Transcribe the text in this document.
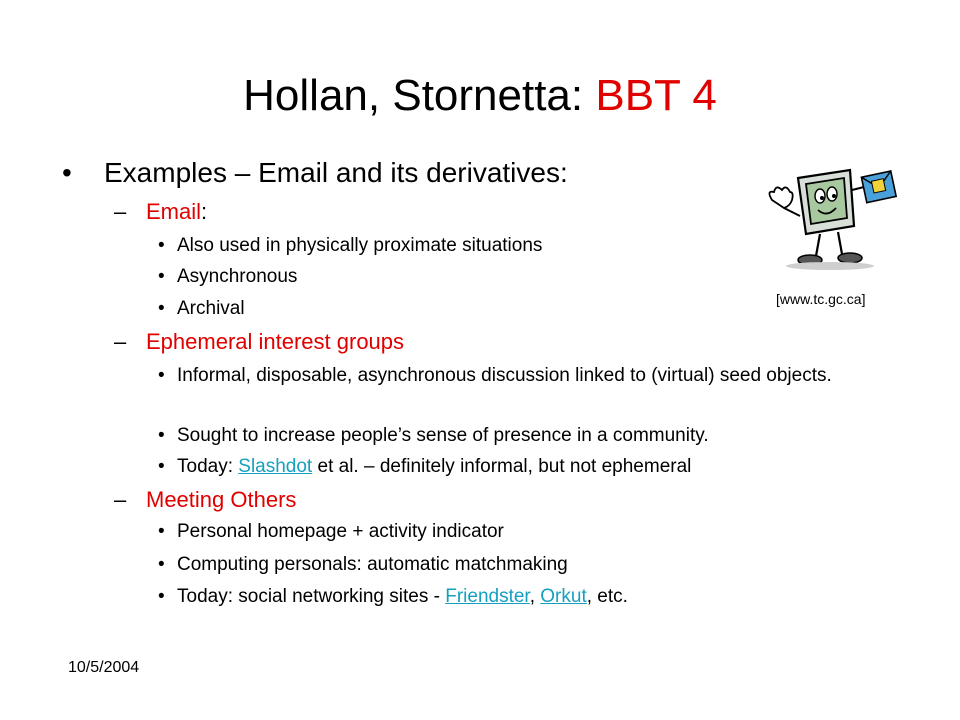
Hollan, Stornetta: BBT 4
• Examples – Email and its derivatives:
– Email:
• Also used in physically proximate situations
• Asynchronous
• Archival
– Ephemeral interest groups
• Informal, disposable, asynchronous discussion linked to (virtual) seed objects.
• Sought to increase people’s sense of presence in a community.
• Today: Slashdot et al. – definitely informal, but not ephemeral
– Meeting Others
• Personal homepage + activity indicator
• Computing personals: automatic matchmaking
• Today: social networking sites - Friendster, Orkut, etc.
[www.tc.gc.ca]
10/5/2004
